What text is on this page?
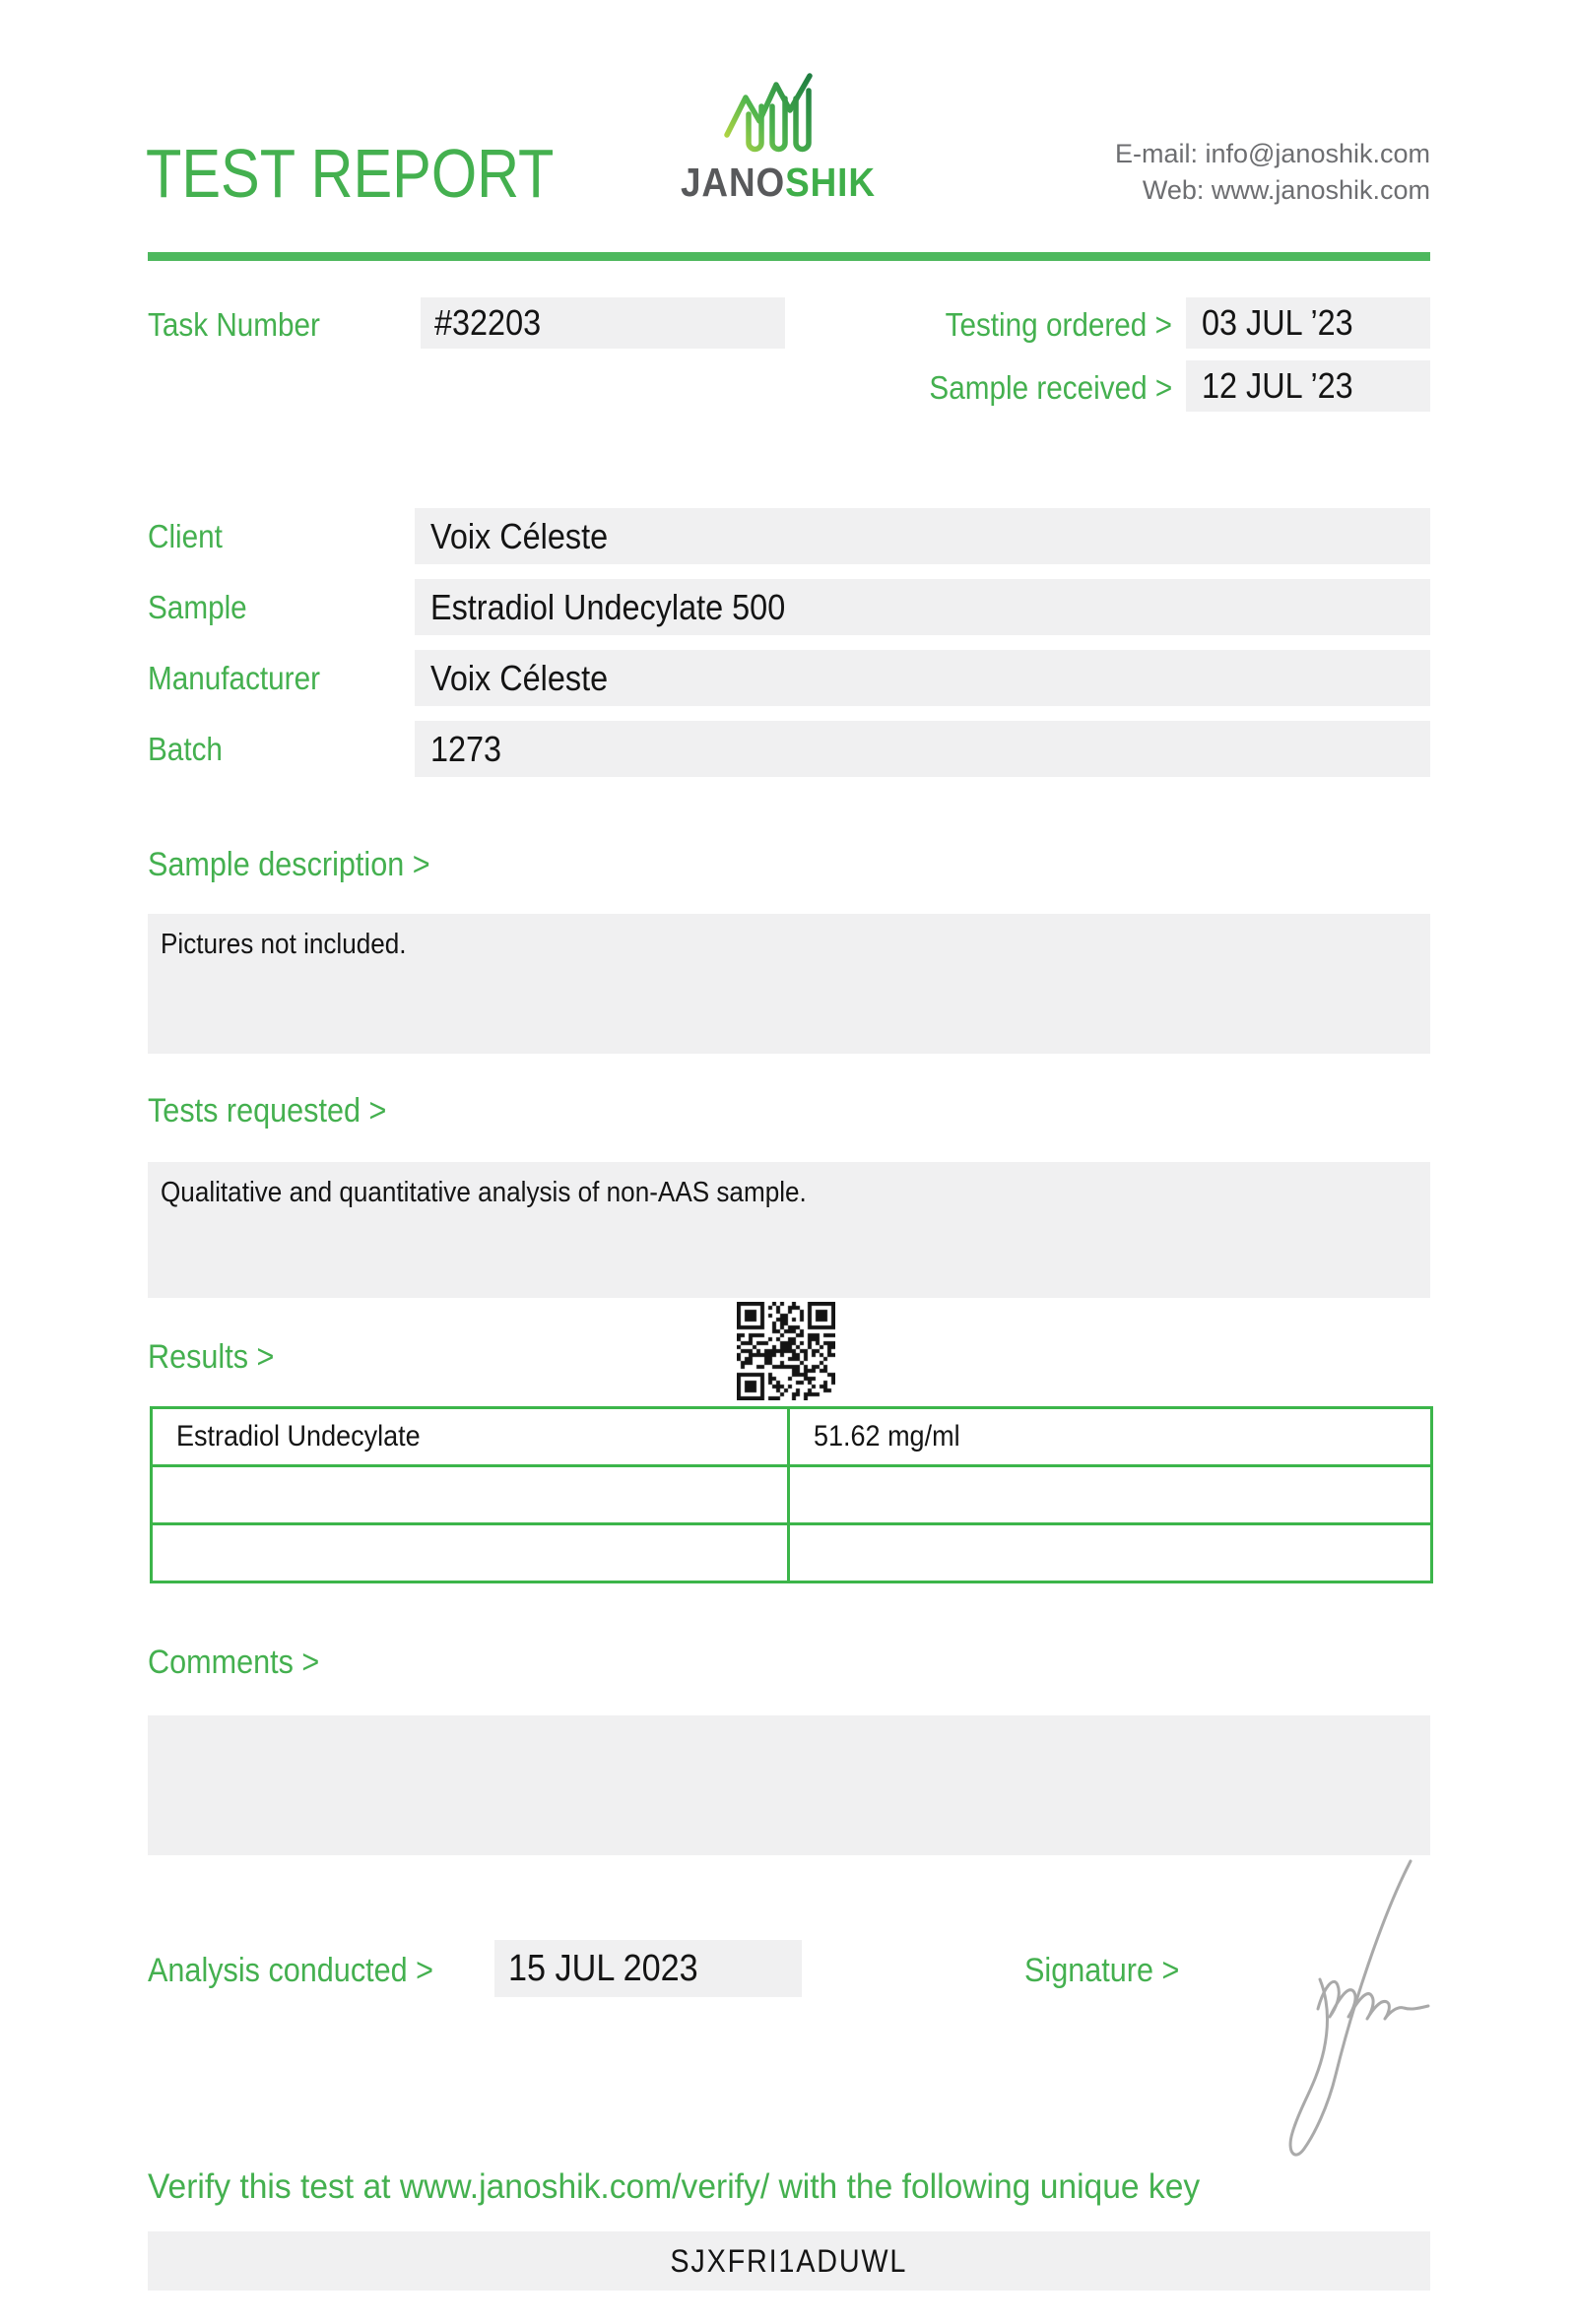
TEST REPORT	JANOSHIK
E-mail: info@janoshik.com
Web: www.janoshik.com
Task Number	#32203	Testing ordered > 03 JUL ’23
Sample received > 12 JUL ’23
Client	Voix Céleste
Sample	Estradiol Undecylate 500
Manufacturer	Voix Céleste
Batch	1273
Sample description >
Pictures not included.
Tests requested >
Qualitative and quantitative analysis of non-AAS sample.
Results >
Estradiol Undecylate	51.62 mg/ml
Comments >
Analysis conducted >	15 JUL 2023	Signature >
Verify this test at www.janoshik.com/verify/ with the following unique key
SJXFRI1ADUWL
